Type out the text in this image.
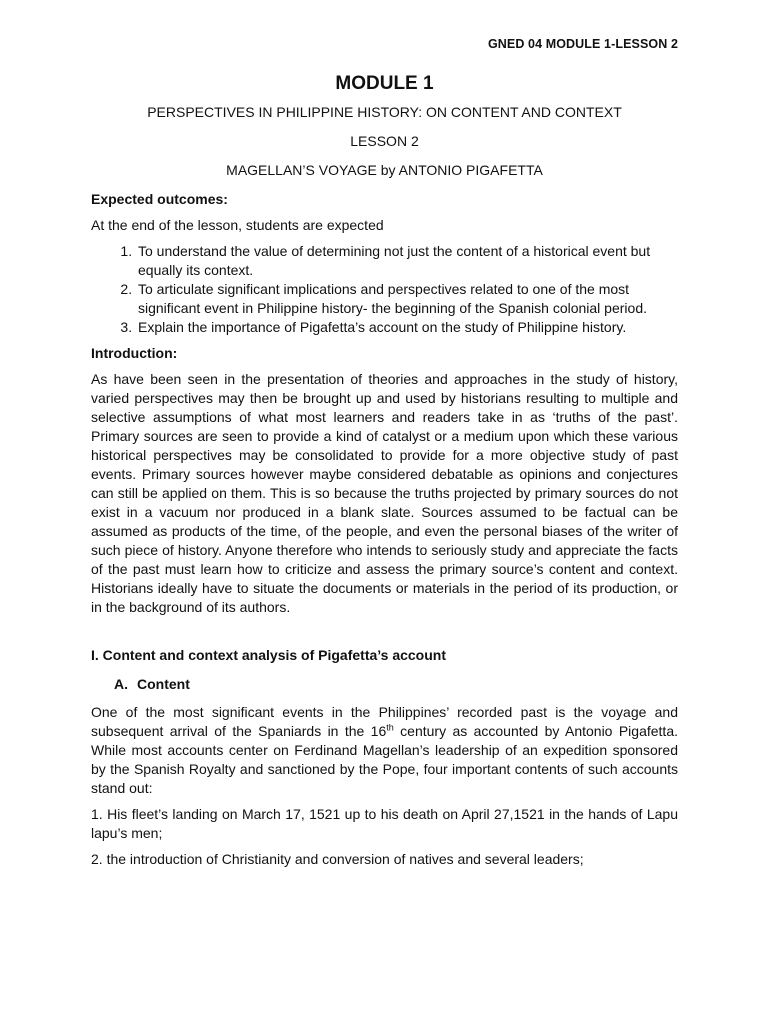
GNED 04 MODULE 1-LESSON 2
MODULE 1
PERSPECTIVES IN PHILIPPINE HISTORY: ON CONTENT AND CONTEXT
LESSON 2
MAGELLAN’S VOYAGE by ANTONIO PIGAFETTA
Expected outcomes:
At the end of the lesson, students are expected
1. To understand the value of determining not just the content of a historical event but equally its context.
2. To articulate significant implications and perspectives related to one of the most significant event in Philippine history- the beginning of the Spanish colonial period.
3. Explain the importance of Pigafetta’s account on the study of Philippine history.
Introduction:
As have been seen in the presentation of theories and approaches in the study of history, varied perspectives may then be brought up and used by historians resulting to multiple and selective assumptions of what most learners and readers take in as ‘truths of the past’. Primary sources are seen to provide a kind of catalyst or a medium upon which these various historical perspectives may be consolidated to provide for a more objective study of past events. Primary sources however maybe considered debatable as opinions and conjectures can still be applied on them. This is so because the truths projected by primary sources do not exist in a vacuum nor produced in a blank slate. Sources assumed to be factual can be assumed as products of the time, of the people, and even the personal biases of the writer of such piece of history. Anyone therefore who intends to seriously study and appreciate the facts of the past must learn how to criticize and assess the primary source’s content and context. Historians ideally have to situate the documents or materials in the period of its production, or in the background of its authors.
I. Content and context analysis of Pigafetta’s account
A. Content
One of the most significant events in the Philippines’ recorded past is the voyage and subsequent arrival of the Spaniards in the 16th century as accounted by Antonio Pigafetta. While most accounts center on Ferdinand Magellan’s leadership of an expedition sponsored by the Spanish Royalty and sanctioned by the Pope, four important contents of such accounts stand out:
1. His fleet’s landing on March 17, 1521 up to his death on April 27,1521 in the hands of Lapu lapu’s men;
2. the introduction of Christianity and conversion of natives and several leaders;
